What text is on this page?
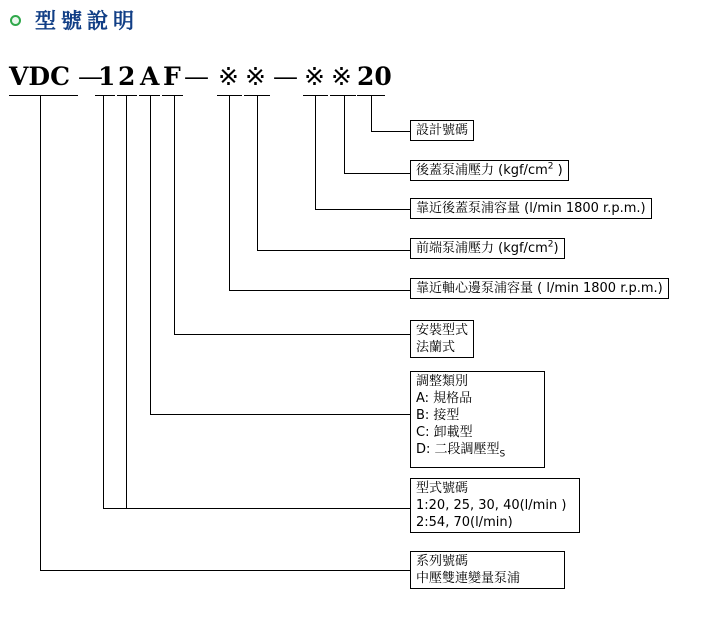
型號說明
VDC —
1 2 A F — ※ ※ — ※ ※ 20
設計號碼
後蓋泵浦壓力 ($kgf/cm^2$ )
靠近後蓋泵浦容量 (l/min 1800 r.p.m.)
前端泵浦壓力 $(kgf/cm^2)$
靠近軸心邊泵浦容量 ( l/min 1800 r.p.m.)
安裝型式
法蘭式
調整類別
A: 規格品
B: 接型
C: 卸載型
D: 二段調壓型$_S$
型式號碼
1:20, 25, 30, 40(l/min )
2:54, 70(l/min)
系列號碼
中壓雙連變量泵浦
